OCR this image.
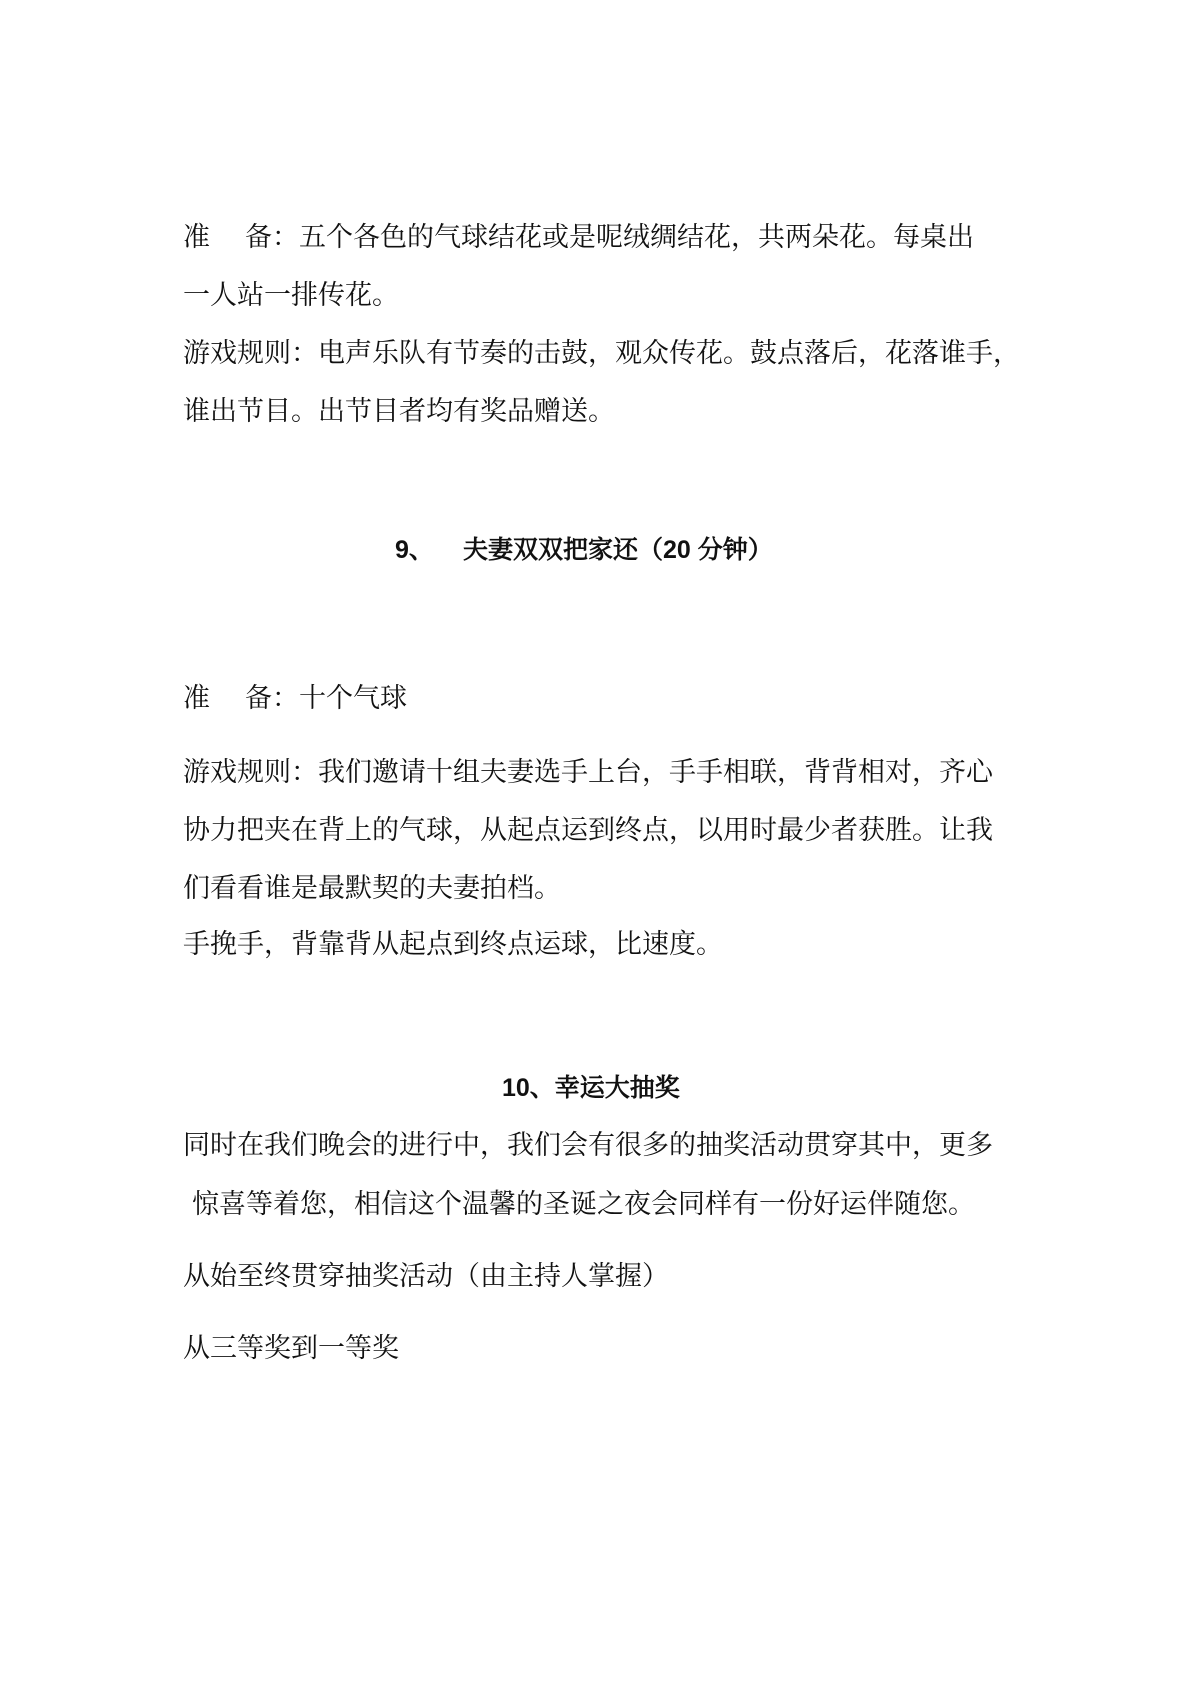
准 备：五个各色的气球结花或是呢绒绸结花，共两朵花。每桌出
一人站一排传花。
游戏规则：电声乐队有节奏的击鼓，观众传花。鼓点落后，花落谁手，
谁出节目。出节目者均有奖品赠送。
9、 夫妻双双把家还（20 分钟）
准 备：十个气球
游戏规则：我们邀请十组夫妻选手上台，手手相联，背背相对，齐心
协力把夹在背上的气球，从起点运到终点，以用时最少者获胜。让我
们看看谁是最默契的夫妻拍档。
手挽手，背靠背从起点到终点运球，比速度。
10、幸运大抽奖
同时在我们晚会的进行中，我们会有很多的抽奖活动贯穿其中，更多
惊喜等着您，相信这个温馨的圣诞之夜会同样有一份好运伴随您。
从始至终贯穿抽奖活动（由主持人掌握）
从三等奖到一等奖
